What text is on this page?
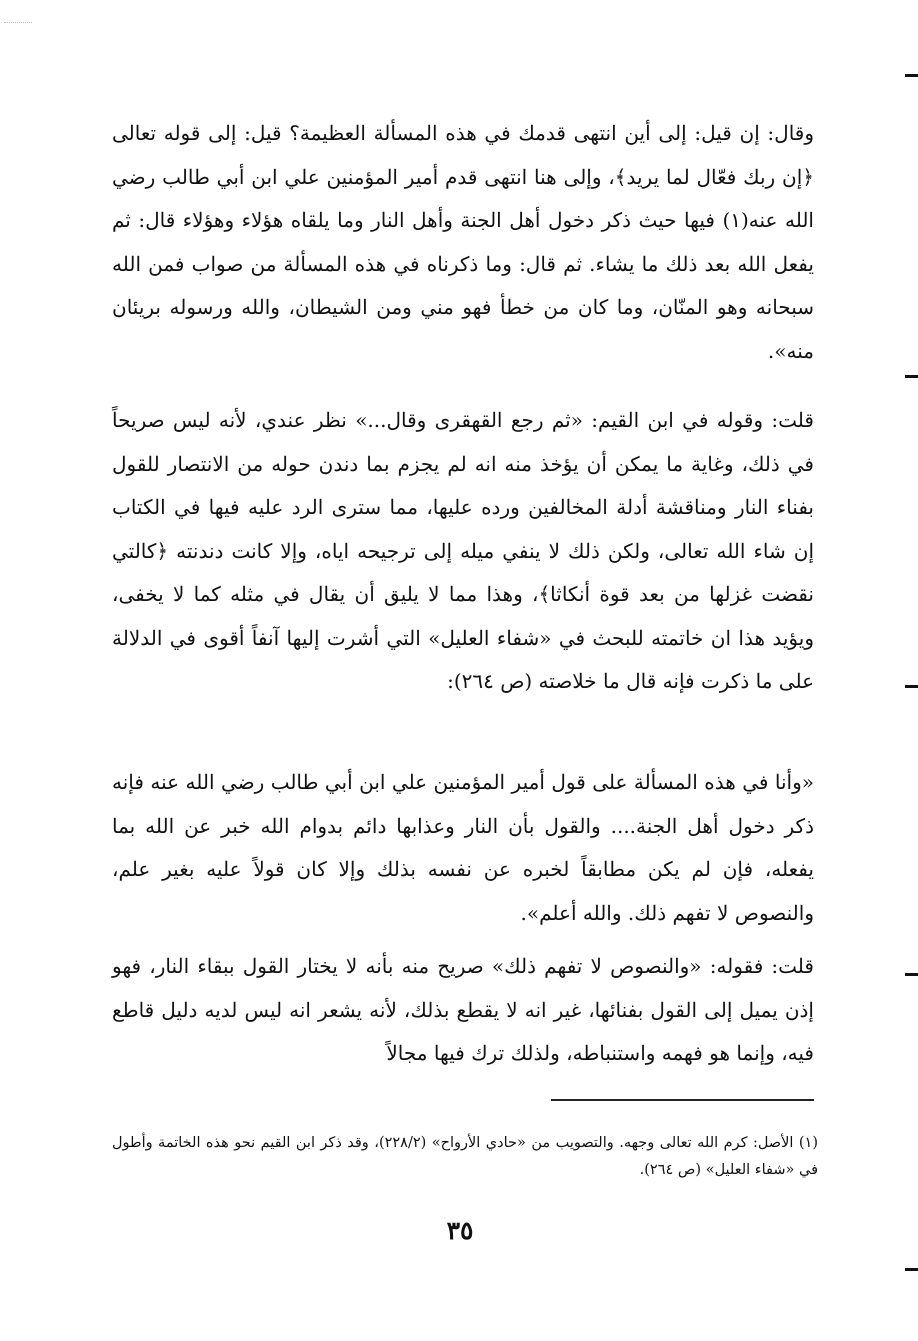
وقال: إن قيل: إلى أين انتهى قدمك في هذه المسألة العظيمة؟ قيل: إلى قوله تعالى ﴿إن ربك فعّال لما يريد﴾، وإلى هنا انتهى قدم أمير المؤمنين علي ابن أبي طالب رضي الله عنه(١) فيها حيث ذكر دخول أهل الجنة وأهل النار وما يلقاه هؤلاء وهؤلاء قال: ثم يفعل الله بعد ذلك ما يشاء. ثم قال: وما ذكرناه في هذه المسألة من صواب فمن الله سبحانه وهو المنّان، وما كان من خطأ فهو مني ومن الشيطان، والله ورسوله بريئان منه».

قلت: وقوله في ابن القيم: «ثم رجع القهقرى وقال...» نظر عندي، لأنه ليس صريحاً في ذلك، وغاية ما يمكن أن يؤخذ منه انه لم يجزم بما دندن حوله من الانتصار للقول بفناء النار ومناقشة أدلة المخالفين ورده عليها، مما سترى الرد عليه فيها في الكتاب إن شاء الله تعالى، ولكن ذلك لا ينفي ميله إلى ترجيحه اياه، وإلا كانت دندنته ﴿كالتي نقضت غزلها من بعد قوة أنكاثا﴾، وهذا مما لا يليق أن يقال في مثله كما لا يخفى، ويؤيد هذا ان خاتمته للبحث في «شفاء العليل» التي أشرت إليها آنفاً أقوى في الدلالة على ما ذكرت فإنه قال ما خلاصته (ص ٢٦٤):

«وأنا في هذه المسألة على قول أمير المؤمنين علي ابن أبي طالب رضي الله عنه فإنه ذكر دخول أهل الجنة.... والقول بأن النار وعذابها دائم بدوام الله خبر عن الله بما يفعله، فإن لم يكن مطابقاً لخبره عن نفسه بذلك وإلا كان قولاً عليه بغير علم، والنصوص لا تفهم ذلك. والله أعلم».

قلت: فقوله: «والنصوص لا تفهم ذلك» صريح منه بأنه لا يختار القول ببقاء النار، فهو إذن يميل إلى القول بفنائها، غير انه لا يقطع بذلك، لأنه يشعر انه ليس لديه دليل قاطع فيه، وإنما هو فهمه واستنباطه، ولذلك ترك فيها مجالاً

(١) الأصل: كرم الله تعالى وجهه. والتصويب من «حادي الأرواح» (٢٢٨/٢)، وقد ذكر ابن القيم نحو هذه الخاتمة وأطول في «شفاء العليل» (ص ٢٦٤).
٣٥
